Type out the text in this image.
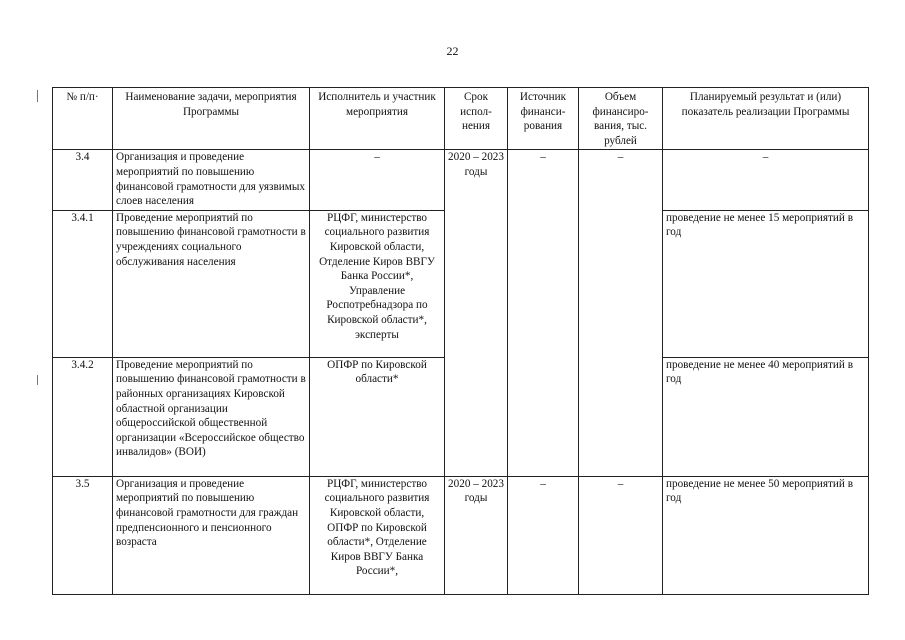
22
№ п/п·	Наименование задачи, мероприятия Программы	Исполнитель и участник мероприятия	Срок испол-нения	Источник финанси-рования	Объем финансиро-вания, тыс. рублей	Планируемый результат и (или) показатель реализации Программы
3.4	Организация и проведение мероприятий по повышению финансовой грамотности для уязвимых слоев населения	–	2020 – 2023 годы	–	–	–
3.4.1	Проведение мероприятий по повышению финансовой грамотности в учреждениях социального обслуживания населения	РЦФГ, министерство социального развития Кировской области, Отделение Киров ВВГУ Банка России*, Управление Роспотребнадзора по Кировской области*, эксперты				проведение не менее 15 мероприятий в год
3.4.2	Проведение мероприятий по повышению финансовой грамотности в районных организациях Кировской областной организации общероссийской общественной организации «Всероссийское общество инвалидов» (ВОИ)	ОПФР по Кировской области*				проведение не менее 40 мероприятий в год
3.5	Организация и проведение мероприятий по повышению финансовой грамотности для граждан предпенсионного и пенсионного возраста	РЦФГ, министерство социального развития Кировской области, ОПФР по Кировской области*, Отделение Киров ВВГУ Банка России*,	2020 – 2023 годы	–	–	проведение не менее 50 мероприятий в год
